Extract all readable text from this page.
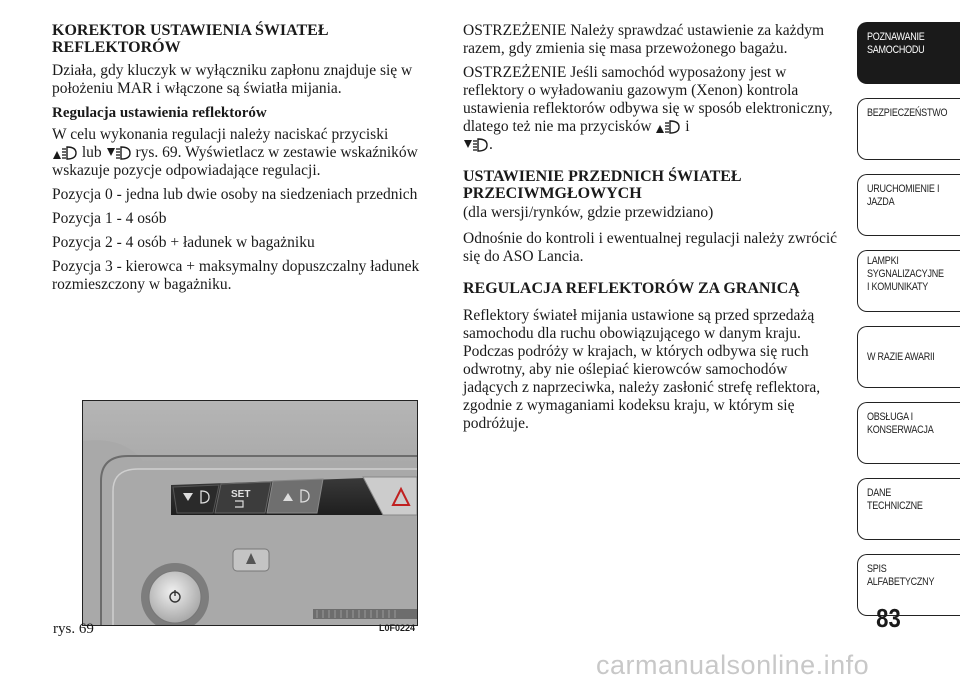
KOREKTOR USTAWIENIA ŚWIATEŁ REFLEKTORÓW

Działa, gdy kluczyk w wyłączniku zapłonu znajduje się w położeniu MAR i włączone są światła mijania.

Regulacja ustawienia reflektorów

W celu wykonania regulacji należy naciskać przyciski
lub rys. 69. Wyświetlacz w zestawie wskaźników wskazuje pozycje odpowiadające regulacji.

Pozycja 0 - jedna lub dwie osoby na siedzeniach przednich

Pozycja 1 - 4 osób

Pozycja 2 - 4 osób + ładunek w bagażniku

Pozycja 3 - kierowca + maksymalny dopuszczalny ładunek rozmieszczony w bagażniku.

SET
rys. 69	L0F0224

OSTRZEŻENIE Należy sprawdzać ustawienie za każdym razem, gdy zmienia się masa przewożonego bagażu.

OSTRZEŻENIE Jeśli samochód wyposażony jest w reflektory o wyładowaniu gazowym (Xenon) kontrola ustawienia reflektorów odbywa się w sposób elektroniczny, dlatego też nie ma przycisków i
.

USTAWIENIE PRZEDNICH ŚWIATEŁ PRZECIWMGŁOWYCH

(dla wersji/rynków, gdzie przewidziano)

Odnośnie do kontroli i ewentualnej regulacji należy zwrócić się do ASO Lancia.

REGULACJA REFLEKTORÓW ZA GRANICĄ

Reflektory świateł mijania ustawione są przed sprzedażą samochodu dla ruchu obowiązującego w danym kraju. Podczas podróży w krajach, w których odbywa się ruch odwrotny, aby nie oślepiać kierowców samochodów jadących z naprzeciwka, należy zasłonić strefę reflektora, zgodnie z wymaganiami kodeksu kraju, w którym się podróżuje.

POZNAWANIE
SAMOCHODU
BEZPIECZEŃSTWO
URUCHOMIENIE I
JAZDA
LAMPKI
SYGNALIZACYJNE
I KOMUNIKATY
W RAZIE AWARII
OBSŁUGA I
KONSERWACJA
DANE
TECHNICZNE
SPIS
ALFABETYCZNY
83
carmanualsonline.info
